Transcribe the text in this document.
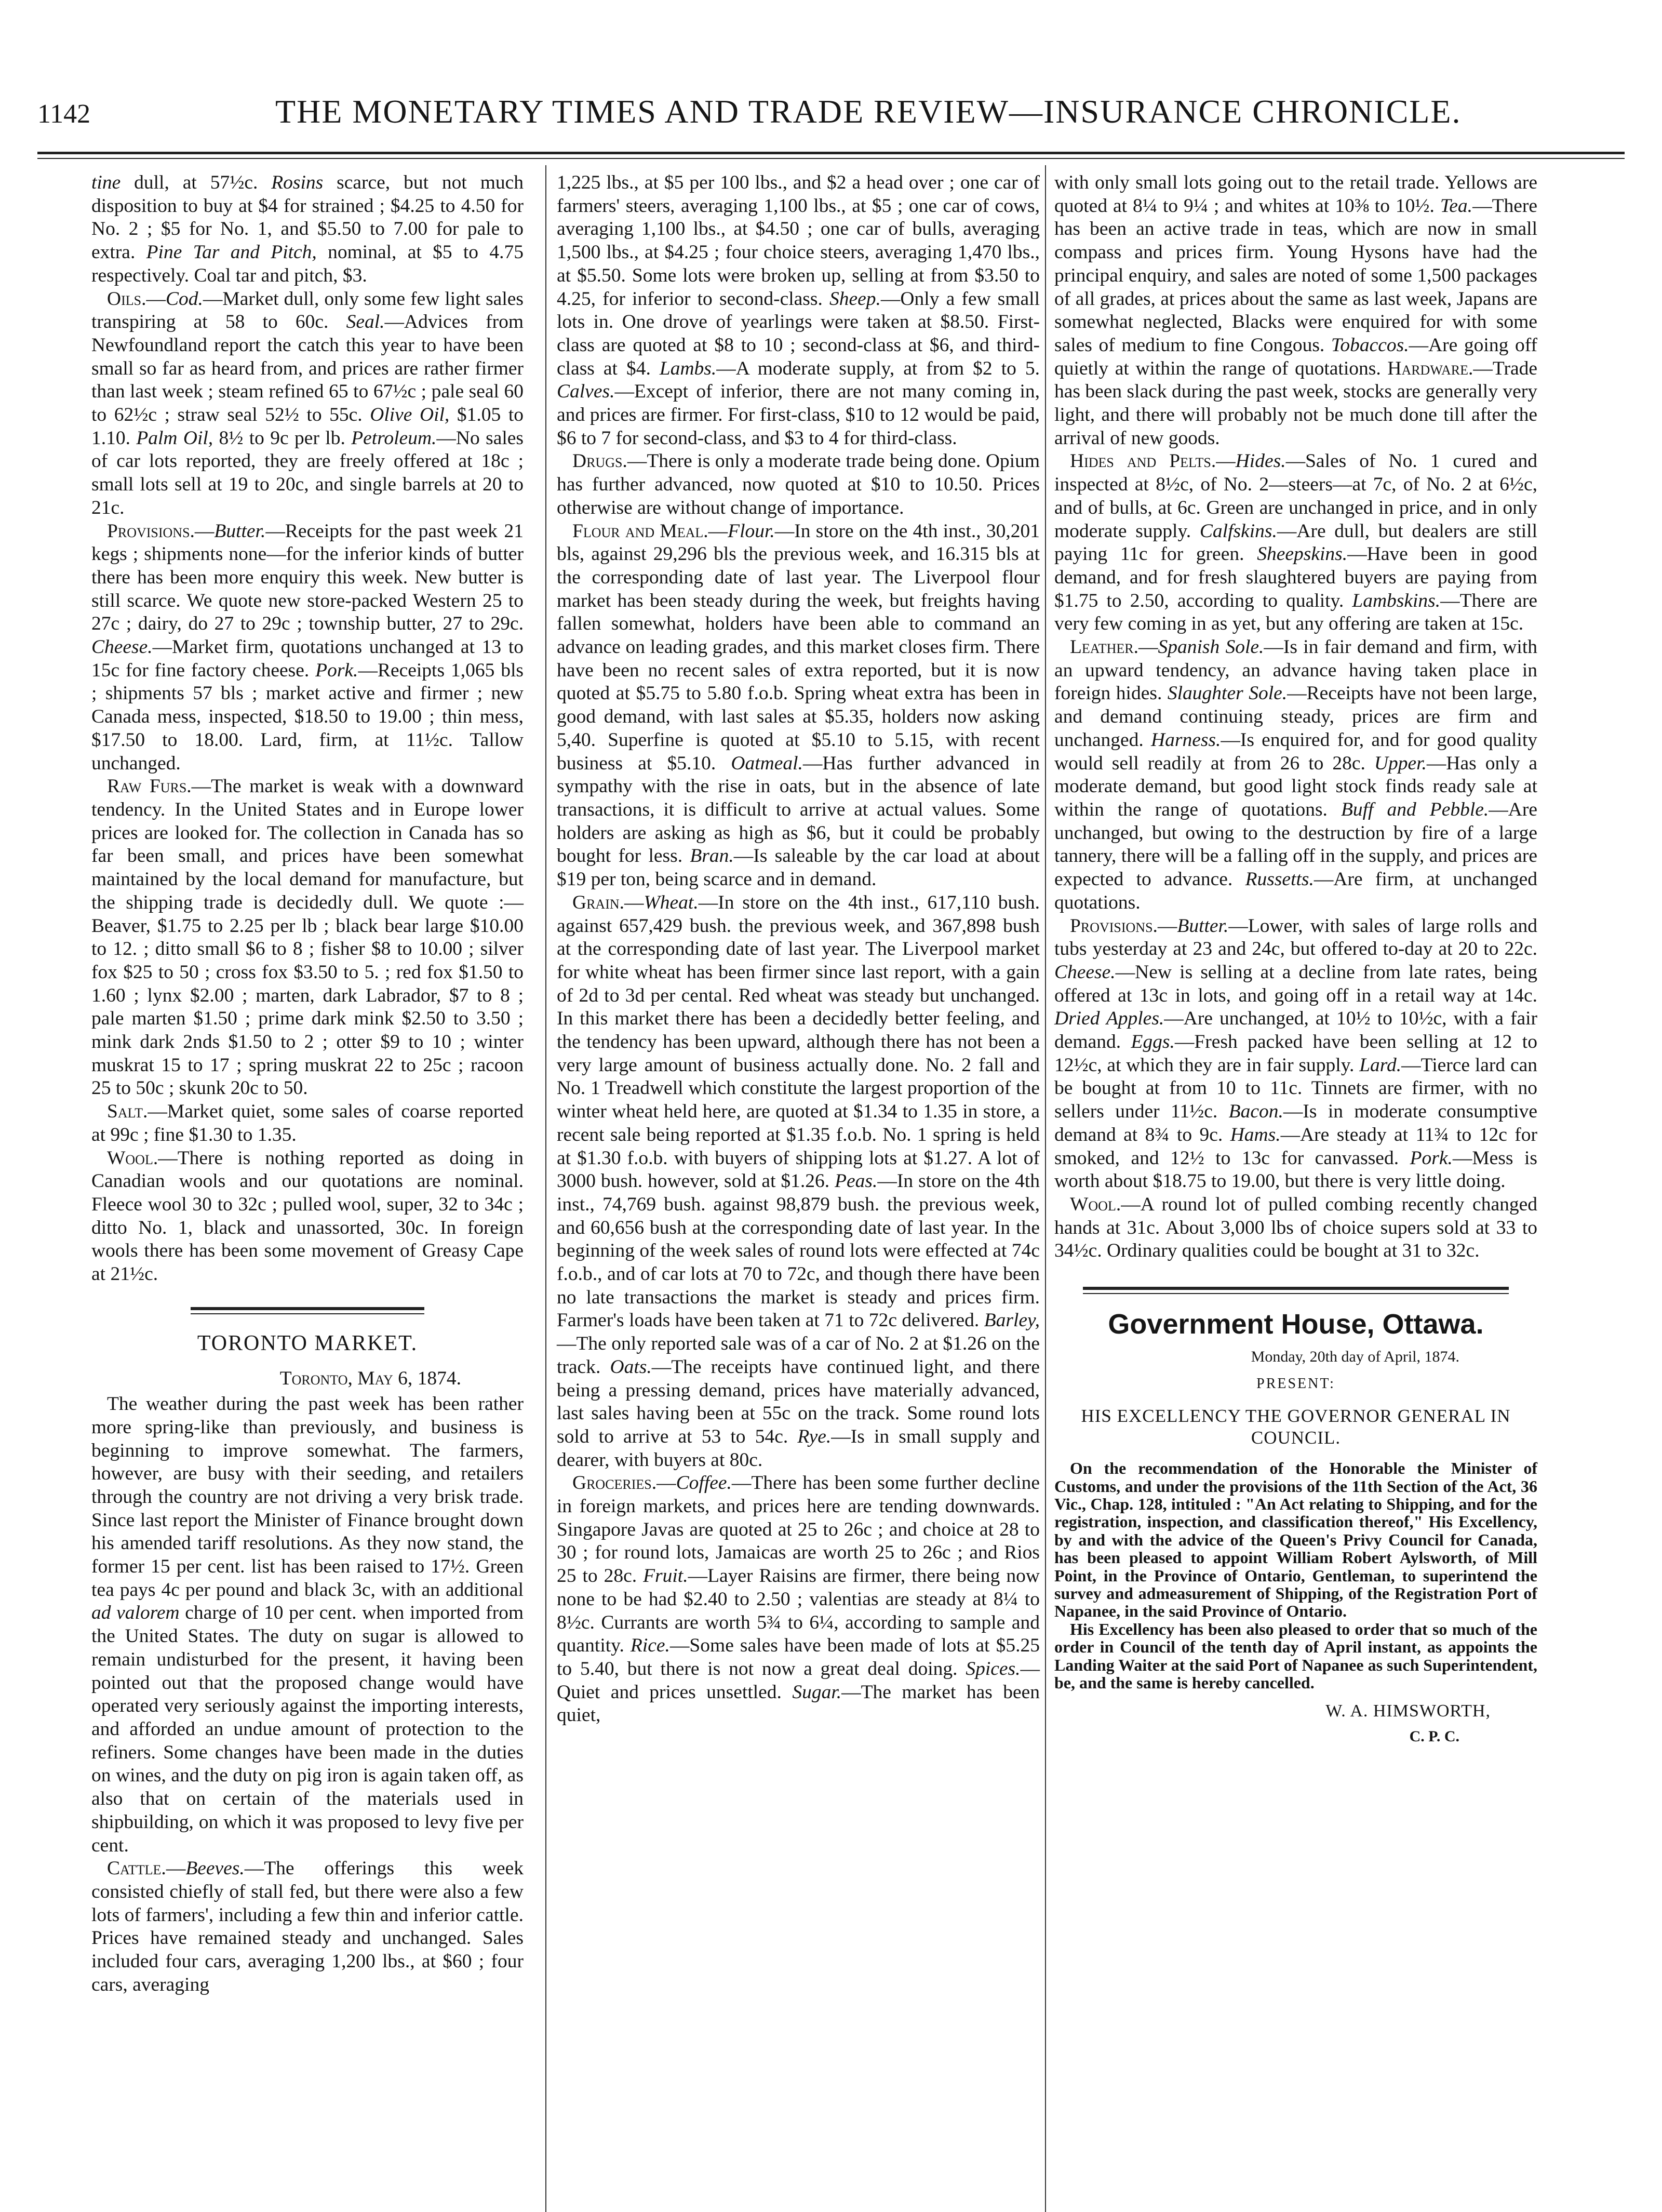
1142	THE MONETARY TIMES AND TRADE REVIEW—INSURANCE CHRONICLE.

tine dull, at 57½c. Rosins scarce, but not much disposition to buy at $4 for strained ; $4.25 to 4.50 for No. 2 ; $5 for No. 1, and $5.50 to 7.00 for pale to extra. Pine Tar and Pitch, nominal, at $5 to 4.75 respectively. Coal tar and pitch, $3.

Oils.—Cod.—Market dull, only some few light sales transpiring at 58 to 60c. Seal.—Advices from Newfoundland report the catch this year to have been small so far as heard from, and prices are rather firmer than last week ; steam refined 65 to 67½c ; pale seal 60 to 62½c ; straw seal 52½ to 55c. Olive Oil, $1.05 to 1.10. Palm Oil, 8½ to 9c per lb. Petroleum.—No sales of car lots reported, they are freely offered at 18c ; small lots sell at 19 to 20c, and single barrels at 20 to 21c.

Provisions.—Butter.—Receipts for the past week 21 kegs ; shipments none—for the inferior kinds of butter there has been more enquiry this week. New butter is still scarce. We quote new store-packed Western 25 to 27c ; dairy, do 27 to 29c ; township butter, 27 to 29c. Cheese.—Market firm, quotations unchanged at 13 to 15c for fine factory cheese. Pork.—Receipts 1,065 bls ; shipments 57 bls ; market active and firmer ; new Canada mess, inspected, $18.50 to 19.00 ; thin mess, $17.50 to 18.00. Lard, firm, at 11½c. Tallow unchanged.

Raw Furs.—The market is weak with a downward tendency. In the United States and in Europe lower prices are looked for. The collection in Canada has so far been small, and prices have been somewhat maintained by the local demand for manufacture, but the shipping trade is decidedly dull. We quote :—Beaver, $1.75 to 2.25 per lb ; black bear large $10.00 to 12. ; ditto small $6 to 8 ; fisher $8 to 10.00 ; silver fox $25 to 50 ; cross fox $3.50 to 5. ; red fox $1.50 to 1.60 ; lynx $2.00 ; marten, dark Labrador, $7 to 8 ; pale marten $1.50 ; prime dark mink $2.50 to 3.50 ; mink dark 2nds $1.50 to 2 ; otter $9 to 10 ; winter muskrat 15 to 17 ; spring muskrat 22 to 25c ; racoon 25 to 50c ; skunk 20c to 50.

Salt.—Market quiet, some sales of coarse reported at 99c ; fine $1.30 to 1.35.

Wool.—There is nothing reported as doing in Canadian wools and our quotations are nominal. Fleece wool 30 to 32c ; pulled wool, super, 32 to 34c ; ditto No. 1, black and unassorted, 30c. In foreign wools there has been some movement of Greasy Cape at 21½c.

TORONTO MARKET.
Toronto, May 6, 1874.

The weather during the past week has been rather more spring-like than previously, and business is beginning to improve somewhat. The farmers, however, are busy with their seeding, and retailers through the country are not driving a very brisk trade. Since last report the Minister of Finance brought down his amended tariff resolutions. As they now stand, the former 15 per cent. list has been raised to 17½. Green tea pays 4c per pound and black 3c, with an additional ad valorem charge of 10 per cent. when imported from the United States. The duty on sugar is allowed to remain undisturbed for the present, it having been pointed out that the proposed change would have operated very seriously against the importing interests, and afforded an undue amount of protection to the refiners. Some changes have been made in the duties on wines, and the duty on pig iron is again taken off, as also that on certain of the materials used in shipbuilding, on which it was proposed to levy five per cent.

Cattle.—Beeves.—The offerings this week consisted chiefly of stall fed, but there were also a few lots of farmers', including a few thin and inferior cattle. Prices have remained steady and unchanged. Sales included four cars, averaging 1,200 lbs., at $60 ; four cars, averaging

1,225 lbs., at $5 per 100 lbs., and $2 a head over ; one car of farmers' steers, averaging 1,100 lbs., at $5 ; one car of cows, averaging 1,100 lbs., at $4.50 ; one car of bulls, averaging 1,500 lbs., at $4.25 ; four choice steers, averaging 1,470 lbs., at $5.50. Some lots were broken up, selling at from $3.50 to 4.25, for inferior to second-class. Sheep.—Only a few small lots in. One drove of yearlings were taken at $8.50. First-class are quoted at $8 to 10 ; second-class at $6, and third-class at $4. Lambs.—A moderate supply, at from $2 to 5. Calves.—Except of inferior, there are not many coming in, and prices are firmer. For first-class, $10 to 12 would be paid, $6 to 7 for second-class, and $3 to 4 for third-class.

Drugs.—There is only a moderate trade being done. Opium has further advanced, now quoted at $10 to 10.50. Prices otherwise are without change of importance.

Flour and Meal.—Flour.—In store on the 4th inst., 30,201 bls, against 29,296 bls the previous week, and 16.315 bls at the corresponding date of last year. The Liverpool flour market has been steady during the week, but freights having fallen somewhat, holders have been able to command an advance on leading grades, and this market closes firm. There have been no recent sales of extra reported, but it is now quoted at $5.75 to 5.80 f.o.b. Spring wheat extra has been in good demand, with last sales at $5.35, holders now asking 5,40. Superfine is quoted at $5.10 to 5.15, with recent business at $5.10. Oatmeal.—Has further advanced in sympathy with the rise in oats, but in the absence of late transactions, it is difficult to arrive at actual values. Some holders are asking as high as $6, but it could be probably bought for less. Bran.—Is saleable by the car load at about $19 per ton, being scarce and in demand.

Grain.—Wheat.—In store on the 4th inst., 617,110 bush. against 657,429 bush. the previous week, and 367,898 bush at the corresponding date of last year. The Liverpool market for white wheat has been firmer since last report, with a gain of 2d to 3d per cental. Red wheat was steady but unchanged. In this market there has been a decidedly better feeling, and the tendency has been upward, although there has not been a very large amount of business actually done. No. 2 fall and No. 1 Treadwell which constitute the largest proportion of the winter wheat held here, are quoted at $1.34 to 1.35 in store, a recent sale being reported at $1.35 f.o.b. No. 1 spring is held at $1.30 f.o.b. with buyers of shipping lots at $1.27. A lot of 3000 bush. however, sold at $1.26. Peas.—In store on the 4th inst., 74,769 bush. against 98,879 bush. the previous week, and 60,656 bush at the corresponding date of last year. In the beginning of the week sales of round lots were effected at 74c f.o.b., and of car lots at 70 to 72c, and though there have been no late transactions the market is steady and prices firm. Farmer's loads have been taken at 71 to 72c delivered. Barley,—The only reported sale was of a car of No. 2 at $1.26 on the track. Oats.—The receipts have continued light, and there being a pressing demand, prices have materially advanced, last sales having been at 55c on the track. Some round lots sold to arrive at 53 to 54c. Rye.—Is in small supply and dearer, with buyers at 80c.

Groceries.—Coffee.—There has been some further decline in foreign markets, and prices here are tending downwards. Singapore Javas are quoted at 25 to 26c ; and choice at 28 to 30 ; for round lots, Jamaicas are worth 25 to 26c ; and Rios 25 to 28c. Fruit.—Layer Raisins are firmer, there being now none to be had $2.40 to 2.50 ; valentias are steady at 8¼ to 8½c. Currants are worth 5¾ to 6¼, according to sample and quantity. Rice.—Some sales have been made of lots at $5.25 to 5.40, but there is not now a great deal doing. Spices.—Quiet and prices unsettled. Sugar.—The market has been quiet,

with only small lots going out to the retail trade. Yellows are quoted at 8¼ to 9¼ ; and whites at 10⅜ to 10½. Tea.—There has been an active trade in teas, which are now in small compass and prices firm. Young Hysons have had the principal enquiry, and sales are noted of some 1,500 packages of all grades, at prices about the same as last week, Japans are somewhat neglected, Blacks were enquired for with some sales of medium to fine Congous. Tobaccos.—Are going off quietly at within the range of quotations. Hardware.—Trade has been slack during the past week, stocks are generally very light, and there will probably not be much done till after the arrival of new goods.

Hides and Pelts.—Hides.—Sales of No. 1 cured and inspected at 8½c, of No. 2—steers—at 7c, of No. 2 at 6½c, and of bulls, at 6c. Green are unchanged in price, and in only moderate supply. Calfskins.—Are dull, but dealers are still paying 11c for green. Sheepskins.—Have been in good demand, and for fresh slaughtered buyers are paying from $1.75 to 2.50, according to quality. Lambskins.—There are very few coming in as yet, but any offering are taken at 15c.

Leather.—Spanish Sole.—Is in fair demand and firm, with an upward tendency, an advance having taken place in foreign hides. Slaughter Sole.—Receipts have not been large, and demand continuing steady, prices are firm and unchanged. Harness.—Is enquired for, and for good quality would sell readily at from 26 to 28c. Upper.—Has only a moderate demand, but good light stock finds ready sale at within the range of quotations. Buff and Pebble.—Are unchanged, but owing to the destruction by fire of a large tannery, there will be a falling off in the supply, and prices are expected to advance. Russetts.—Are firm, at unchanged quotations.

Provisions.—Butter.—Lower, with sales of large rolls and tubs yesterday at 23 and 24c, but offered to-day at 20 to 22c. Cheese.—New is selling at a decline from late rates, being offered at 13c in lots, and going off in a retail way at 14c. Dried Apples.—Are unchanged, at 10½ to 10½c, with a fair demand. Eggs.—Fresh packed have been selling at 12 to 12½c, at which they are in fair supply. Lard.—Tierce lard can be bought at from 10 to 11c. Tinnets are firmer, with no sellers under 11½c. Bacon.—Is in moderate consumptive demand at 8¾ to 9c. Hams.—Are steady at 11¾ to 12c for smoked, and 12½ to 13c for canvassed. Pork.—Mess is worth about $18.75 to 19.00, but there is very little doing.

Wool.—A round lot of pulled combing recently changed hands at 31c. About 3,000 lbs of choice supers sold at 33 to 34½c. Ordinary qualities could be bought at 31 to 32c.

Government House, Ottawa.
Monday, 20th day of April, 1874.
PRESENT:
HIS EXCELLENCY THE GOVERNOR GENERAL IN COUNCIL.

On the recommendation of the Honorable the Minister of Customs, and under the provisions of the 11th Section of the Act, 36 Vic., Chap. 128, intituled : "An Act relating to Shipping, and for the registration, inspection, and classification thereof," His Excellency, by and with the advice of the Queen's Privy Council for Canada, has been pleased to appoint William Robert Aylsworth, of Mill Point, in the Province of Ontario, Gentleman, to superintend the survey and admeasurement of Shipping, of the Registration Port of Napanee, in the said Province of Ontario.

His Excellency has been also pleased to order that so much of the order in Council of the tenth day of April instant, as appoints the Landing Waiter at the said Port of Napanee as such Superintendent, be, and the same is hereby cancelled.

W. A. HIMSWORTH,
C. P. C.
